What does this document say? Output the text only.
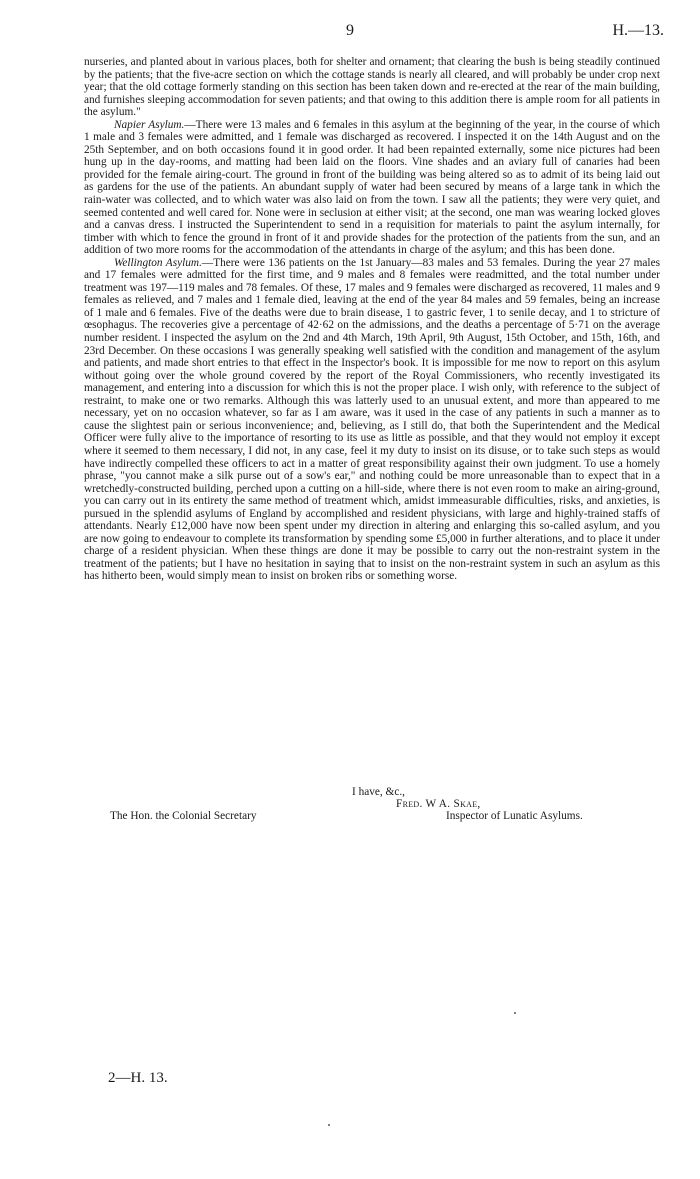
9	H.—13.

nurseries, and planted about in various places, both for shelter and ornament; that clearing the bush is being steadily continued by the patients; that the five-acre section on which the cottage stands is nearly all cleared, and will probably be under crop next year; that the old cottage formerly standing on this section has been taken down and re-erected at the rear of the main building, and furnishes sleeping accommodation for seven patients; and that owing to this addition there is ample room for all patients in the asylum."

Napier Asylum.—There were 13 males and 6 females in this asylum at the beginning of the year, in the course of which 1 male and 3 females were admitted, and 1 female was discharged as recovered. I inspected it on the 14th August and on the 25th September, and on both occasions found it in good order. It had been repainted externally, some nice pictures had been hung up in the day-rooms, and matting had been laid on the floors. Vine shades and an aviary full of canaries had been provided for the female airing-court. The ground in front of the building was being altered so as to admit of its being laid out as gardens for the use of the patients. An abundant supply of water had been secured by means of a large tank in which the rain-water was collected, and to which water was also laid on from the town. I saw all the patients; they were very quiet, and seemed contented and well cared for. None were in seclusion at either visit; at the second, one man was wearing locked gloves and a canvas dress. I instructed the Superintendent to send in a requisition for materials to paint the asylum internally, for timber with which to fence the ground in front of it and provide shades for the protection of the patients from the sun, and an addition of two more rooms for the accommodation of the attendants in charge of the asylum; and this has been done.

Wellington Asylum.—There were 136 patients on the 1st January—83 males and 53 females. During the year 27 males and 17 females were admitted for the first time, and 9 males and 8 females were readmitted, and the total number under treatment was 197—119 males and 78 females. Of these, 17 males and 9 females were discharged as recovered, 11 males and 9 females as relieved, and 7 males and 1 female died, leaving at the end of the year 84 males and 59 females, being an increase of 1 male and 6 females. Five of the deaths were due to brain disease, 1 to gastric fever, 1 to senile decay, and 1 to stricture of œsophagus. The recoveries give a percentage of 42·62 on the admissions, and the deaths a percentage of 5·71 on the average number resident. I inspected the asylum on the 2nd and 4th March, 19th April, 9th August, 15th October, and 15th, 16th, and 23rd December. On these occasions I was generally speaking well satisfied with the condition and management of the asylum and patients, and made short entries to that effect in the Inspector's book. It is impossible for me now to report on this asylum without going over the whole ground covered by the report of the Royal Commissioners, who recently investigated its management, and entering into a discussion for which this is not the proper place. I wish only, with reference to the subject of restraint, to make one or two remarks. Although this was latterly used to an unusual extent, and more than appeared to me necessary, yet on no occasion whatever, so far as I am aware, was it used in the case of any patients in such a manner as to cause the slightest pain or serious inconvenience; and, believing, as I still do, that both the Superintendent and the Medical Officer were fully alive to the importance of resorting to its use as little as possible, and that they would not employ it except where it seemed to them necessary, I did not, in any case, feel it my duty to insist on its disuse, or to take such steps as would have indirectly compelled these officers to act in a matter of great responsibility against their own judgment. To use a homely phrase, "you cannot make a silk purse out of a sow's ear," and nothing could be more unreasonable than to expect that in a wretchedly-constructed building, perched upon a cutting on a hill-side, where there is not even room to make an airing-ground, you can carry out in its entirety the same method of treatment which, amidst immeasurable difficulties, risks, and anxieties, is pursued in the splendid asylums of England by accomplished and resident physicians, with large and highly-trained staffs of attendants. Nearly £12,000 have now been spent under my direction in altering and enlarging this so-called asylum, and you are now going to endeavour to complete its transformation by spending some £5,000 in further alterations, and to place it under charge of a resident physician. When these things are done it may be possible to carry out the non-restraint system in the treatment of the patients; but I have no hesitation in saying that to insist on the non-restraint system in such an asylum as this has hitherto been, would simply mean to insist on broken ribs or something worse.

I have, &c.,
Fred. W A. Skae,
The Hon. the Colonial Secretary	Inspector of Lunatic Asylums.
2—H. 13.
